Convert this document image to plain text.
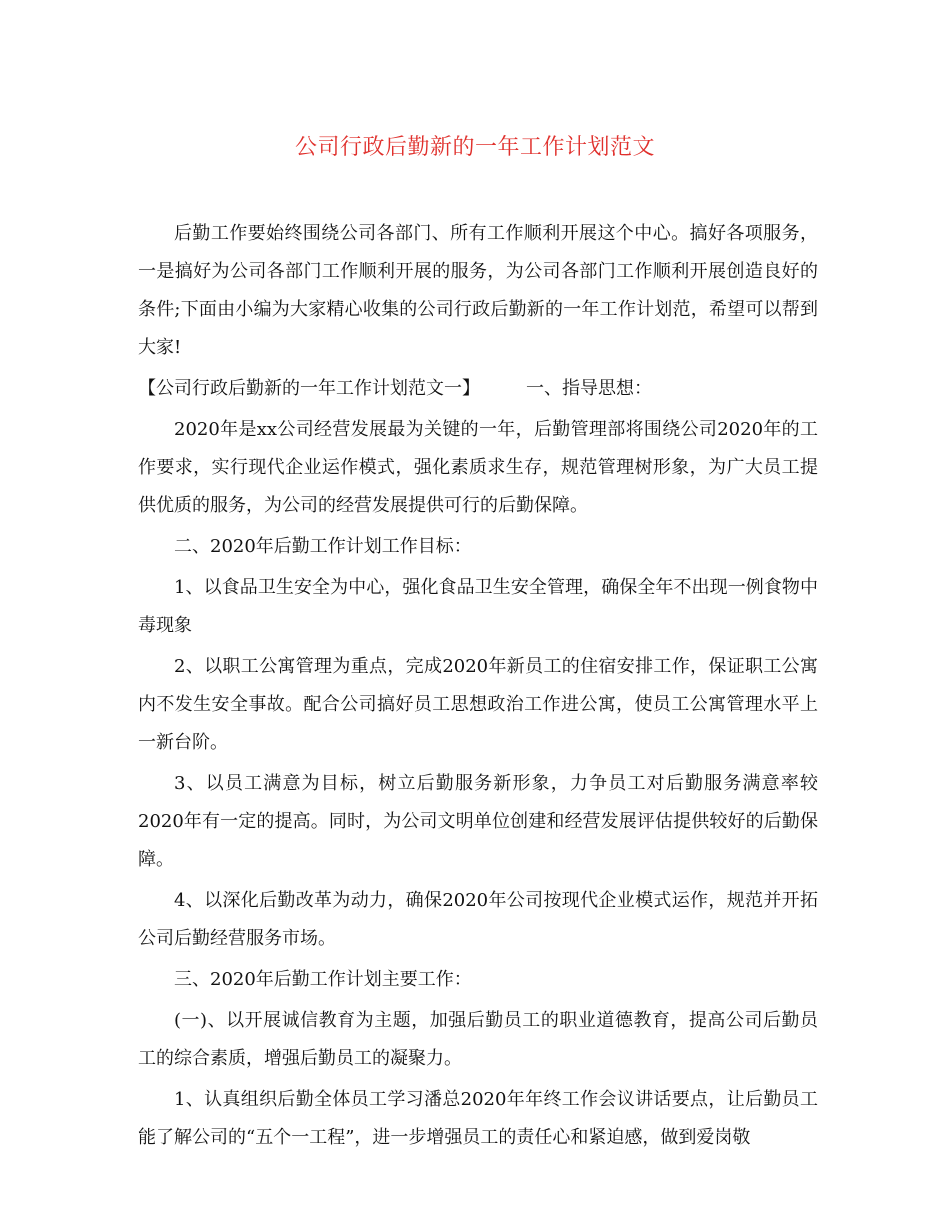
公司行政后勤新的一年工作计划范文

后勤工作要始终围绕公司各部门、所有工作顺利开展这个中心。搞好各项服务，一是搞好为公司各部门工作顺利开展的服务，为公司各部门工作顺利开展创造良好的条件;下面由小编为大家精心收集的公司行政后勤新的一年工作计划范，希望可以帮到大家!

【公司行政后勤新的一年工作计划范文一】	一、指导思想：

2020年是xx公司经营发展最为关键的一年，后勤管理部将围绕公司2020年的工作要求，实行现代企业运作模式，强化素质求生存，规范管理树形象，为广大员工提供优质的服务，为公司的经营发展提供可行的后勤保障。

二、2020年后勤工作计划工作目标：

1、以食品卫生安全为中心，强化食品卫生安全管理，确保全年不出现一例食物中毒现象

2、以职工公寓管理为重点，完成2020年新员工的住宿安排工作，保证职工公寓内不发生安全事故。配合公司搞好员工思想政治工作进公寓，使员工公寓管理水平上一新台阶。

3、以员工满意为目标，树立后勤服务新形象，力争员工对后勤服务满意率较2020年有一定的提高。同时，为公司文明单位创建和经营发展评估提供较好的后勤保障。

4、以深化后勤改革为动力，确保2020年公司按现代企业模式运作，规范并开拓公司后勤经营服务市场。

三、2020年后勤工作计划主要工作：

(一)、以开展诚信教育为主题，加强后勤员工的职业道德教育，提高公司后勤员工的综合素质，增强后勤员工的凝聚力。

1、认真组织后勤全体员工学习潘总2020年年终工作会议讲话要点，让后勤员工能了解公司的“五个一工程”，进一步增强员工的责任心和紧迫感，做到爱岗敬
